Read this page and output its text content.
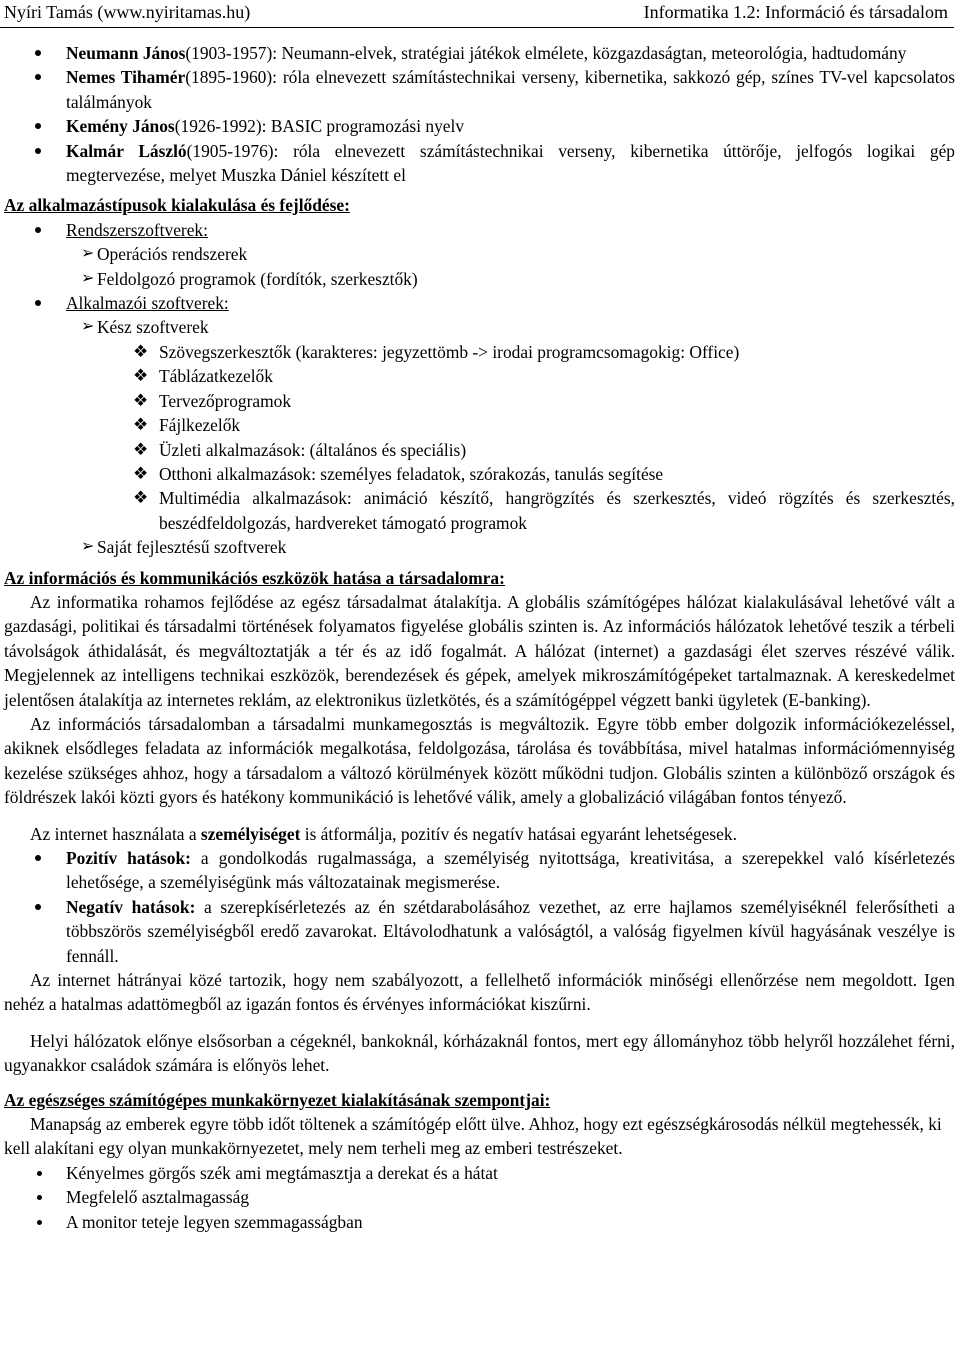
Nyíri Tamás (www.nyiritamas.hu)	Informatika 1.2: Információ és társadalom
Neumann János(1903-1957): Neumann-elvek, stratégiai játékok elmélete, közgazdaságtan, meteorológia, hadtudomány
Nemes Tihamér(1895-1960): róla elnevezett számítástechnikai verseny, kibernetika, sakkozó gép, színes TV-vel kapcsolatos találmányok
Kemény János(1926-1992): BASIC programozási nyelv
Kalmár László(1905-1976): róla elnevezett számítástechnikai verseny, kibernetika úttörője, jelfogós logikai gép megtervezése, melyet Muszka Dániel készített el
Az alkalmazástípusok kialakulása és fejlődése:
Rendszerszoftverek:
➢ Operációs rendszerek
➢ Feldolgozó programok (fordítók, szerkesztők)
Alkalmazói szoftverek:
➢ Kész szoftverek
❖ Szövegszerkesztők (karakteres: jegyzettömb -> irodai programcsomagokig: Office)
❖ Táblázatkezelők
❖ Tervezőprogramok
❖ Fájlkezelők
❖ Üzleti alkalmazások: (általános és speciális)
❖ Otthoni alkalmazások: személyes feladatok, szórakozás, tanulás segítése
❖ Multimédia alkalmazások: animáció készítő, hangrögzítés és szerkesztés, videó rögzítés és szerkesztés, beszédfeldolgozás, hardvereket támogató programok
➢ Saját fejlesztésű szoftverek
Az információs és kommunikációs eszközök hatása a társadalomra:

Az informatika rohamos fejlődése az egész társadalmat átalakítja. A globális számítógépes hálózat kialakulásával lehetővé vált a gazdasági, politikai és társadalmi történések folyamatos figyelése globális szinten is. Az információs hálózatok lehetővé teszik a térbeli távolságok áthidalását, és megváltoztatják a tér és az idő fogalmát. A hálózat (internet) a gazdasági élet szerves részévé válik. Megjelennek az intelligens technikai eszközök, berendezések és gépek, amelyek mikroszámítógépeket tartalmaznak. A kereskedelmet jelentősen átalakítja az internetes reklám, az elektronikus üzletkötés, és a számítógéppel végzett banki ügyletek (E-banking).

Az információs társadalomban a társadalmi munkamegosztás is megváltozik. Egyre több ember dolgozik információkezeléssel, akiknek elsődleges feladata az információk megalkotása, feldolgozása, tárolása és továbbítása, mivel hatalmas információmennyiség kezelése szükséges ahhoz, hogy a társadalom a változó körülmények között működni tudjon. Globális szinten a különböző országok és földrészek lakói közti gyors és hatékony kommunikáció is lehetővé válik, amely a globalizáció világában fontos tényező.

Az internet használata a személyiséget is átformálja, pozitív és negatív hatásai egyaránt lehetségesek.

Pozitív hatások: a gondolkodás rugalmassága, a személyiség nyitottsága, kreativitása, a szerepekkel való kísérletezés lehetősége, a személyiségünk más változatainak megismerése.
Negatív hatások: a szerepkísérletezés az én szétdarabolásához vezethet, az erre hajlamos személyiséknél felerősítheti a többszörös személyiségből eredő zavarokat. Eltávolodhatunk a valóságtól, a valóság figyelmen kívül hagyásának veszélye is fennáll.

Az internet hátrányai közé tartozik, hogy nem szabályozott, a fellelhető információk minőségi ellenőrzése nem megoldott. Igen nehéz a hatalmas adattömegből az igazán fontos és érvényes információkat kiszűrni.

Helyi hálózatok előnye elsősorban a cégeknél, bankoknál, kórházaknál fontos, mert egy állományhoz több helyről hozzálehet férni, ugyanakkor családok számára is előnyös lehet.

Az egészséges számítógépes munkakörnyezet kialakításának szempontjai:

Manapság az emberek egyre több időt töltenek a számítógép előtt ülve. Ahhoz, hogy ezt egészségkárosodás nélkül megtehessék, ki kell alakítani egy olyan munkakörnyezetet, mely nem terheli meg az emberi testrészeket.

Kényelmes görgős szék ami megtámasztja a derekat és a hátat
Megfelelő asztalmagasság
A monitor teteje legyen szemmagasságban
